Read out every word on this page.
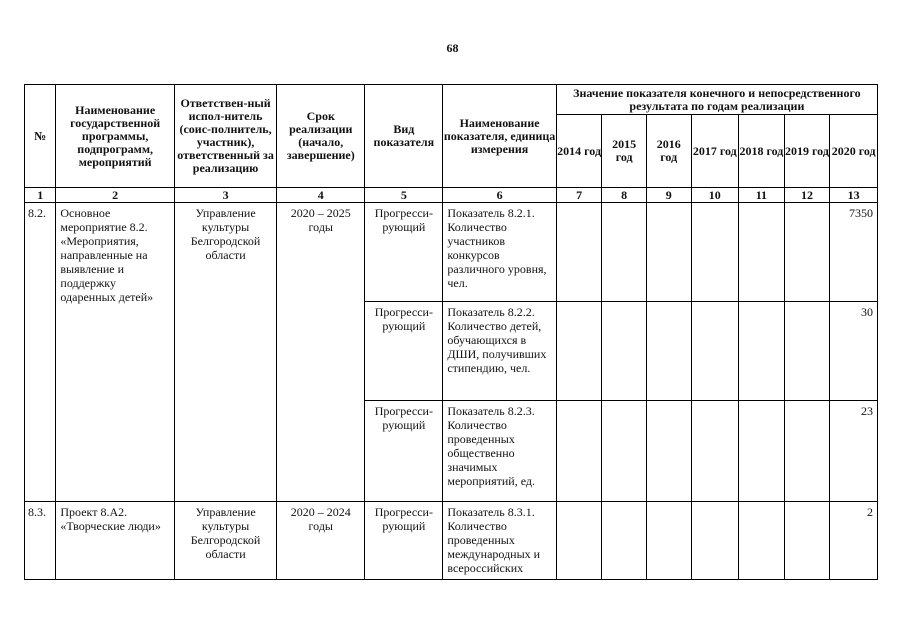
68
№	Наименование государственной программы, подпрограмм, мероприятий	Ответствен-ный испол-нитель (соис-полнитель, участник), ответственный за реализацию	Срок реализации (начало, завершение)	Вид показателя	Наименование показателя, единица измерения	Значение показателя конечного и непосредственного результата по годам реализации						
						2014 год	2015 год	2016 год	2017 год	2018 год	2019 год	2020 год
1	2	3	4	5	6	7	8	9	10	11	12	13
8.2.	Основное мероприятие 8.2. «Мероприятия, направленные на выявление и поддержку одаренных детей»	Управление культуры Белгородской области	2020 – 2025 годы	Прогресси-рующий	Показатель 8.2.1. Количество участников конкурсов различного уровня, чел.							7350
				Прогресси-рующий	Показатель 8.2.2. Количество детей, обучающихся в ДШИ, получивших стипендию, чел.							30
				Прогресси-рующий	Показатель 8.2.3. Количество проведенных общественно значимых мероприятий, ед.							23
8.3.	Проект 8.А2. «Творческие люди»	Управление культуры Белгородской области	2020 – 2024 годы	Прогресси-рующий	Показатель 8.3.1. Количество проведенных международных и всероссийских							2
